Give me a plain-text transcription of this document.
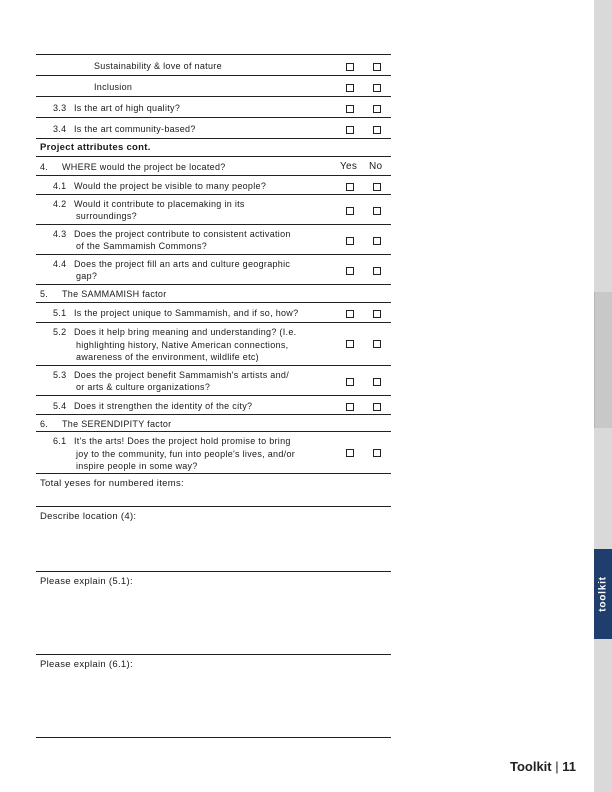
toolkit
Sustainability & love of nature
Inclusion
3.3 Is the art of high quality?
3.4 Is the art community-based?
Project attributes cont.
4. WHERE would the project be located?	Yes No
4.1 Would the project be visible to many people?
4.2 Would it contribute to placemaking in its
surroundings?
4.3 Does the project contribute to consistent activation
of the Sammamish Commons?
4.4 Does the project fill an arts and culture geographic
gap?
5. The SAMMAMISH factor
5.1 Is the project unique to Sammamish, and if so, how?
5.2 Does it help bring meaning and understanding? (I.e.
highlighting history, Native American connections,
awareness of the environment, wildlife etc)
5.3 Does the project benefit Sammamish's artists and/
or arts & culture organizations?
5.4 Does it strengthen the identity of the city?
6. The SERENDIPITY factor
6.1 It's the arts! Does the project hold promise to bring
joy to the community, fun into people's lives, and/or
inspire people in some way?
Total yeses for numbered items:
Describe location (4):
Please explain (5.1):
Please explain (6.1):
Toolkit | 11
